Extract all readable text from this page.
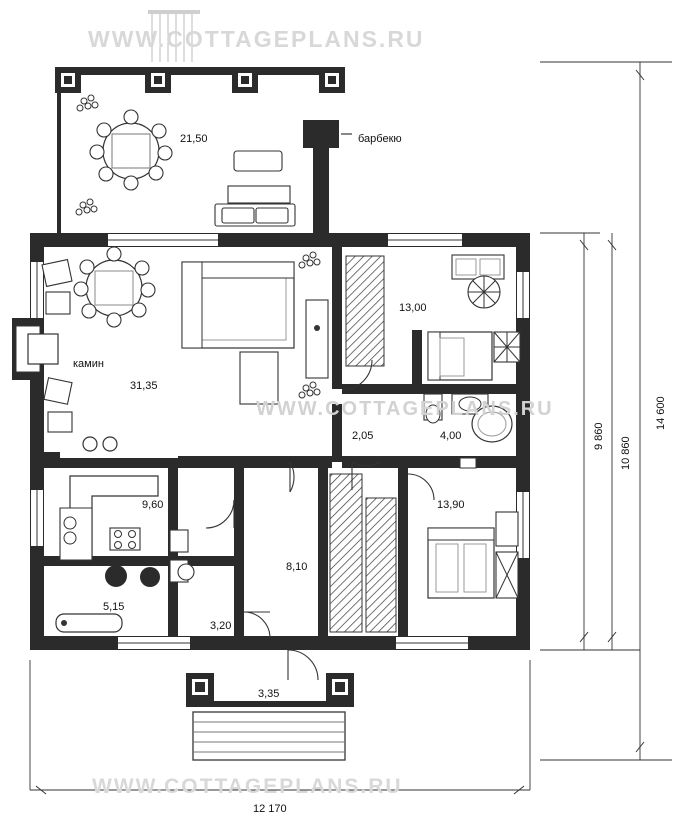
WWW.COTTAGEPLANS.RU
WWW.COTTAGEPLANS.RU
WWW.COTTAGEPLANS.RU
21,50	барбекю
31,35
камин
13,00
2,05	4,00
9,60
8,10
13,90
5,15
3,20
3,35
12 170
14 600
10 860
9 860
